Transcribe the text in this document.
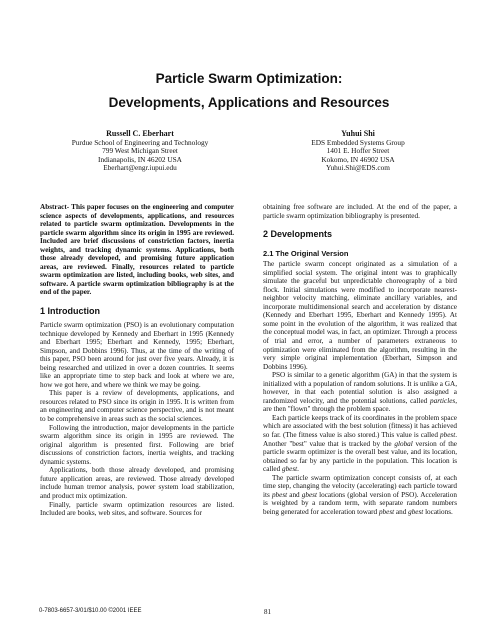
Particle Swarm Optimization:
Developments, Applications and Resources
Russell C. Eberhart
Purdue School of Engineering and Technology
799 West Michigan Street
Indianapolis, IN 46202 USA
Eberhart@engr.iupui.edu
Yuhui Shi
EDS Embedded Systems Group
1401 E. Hoffer Street
Kokomo, IN 46902 USA
Yuhui.Shi@EDS.com

Abstract- This paper focuses on the engineering and computer science aspects of developments, applications, and resources related to particle swarm optimization. Developments in the particle swarm algorithm since its origin in 1995 are reviewed. Included are brief discussions of constriction factors, inertia weights, and tracking dynamic systems. Applications, both those already developed, and promising future application areas, are reviewed. Finally, resources related to particle swarm optimization are listed, including books, web sites, and software. A particle swarm optimization bibliography is at the end of the paper.

1 Introduction

Particle swarm optimization (PSO) is an evolutionary computation technique developed by Kennedy and Eberhart in 1995 (Kennedy and Eberhart 1995; Eberhart and Kennedy, 1995; Eberhart, Simpson, and Dobbins 1996). Thus, at the time of the writing of this paper, PSO been around for just over five years. Already, it is being researched and utilized in over a dozen countries. It seems like an appropriate time to step back and look at where we are, how we got here, and where we think we may be going.

This paper is a review of developments, applications, and resources related to PSO since its origin in 1995. It is written from an engineering and computer science perspective, and is not meant to be comprehensive in areas such as the social sciences.

Following the introduction, major developments in the particle swarm algorithm since its origin in 1995 are reviewed. The original algorithm is presented first. Following are brief discussions of constriction factors, inertia weights, and tracking dynamic systems.

Applications, both those already developed, and promising future application areas, are reviewed. Those already developed include human tremor analysis, power system load stabilization, and product mix optimization.

Finally, particle swarm optimization resources are listed. Included are books, web sites, and software. Sources for

obtaining free software are included. At the end of the paper, a particle swarm optimization bibliography is presented.

2 Developments
2.1 The Original Version

The particle swarm concept originated as a simulation of a simplified social system. The original intent was to graphically simulate the graceful but unpredictable choreography of a bird flock. Initial simulations were modified to incorporate nearest-neighbor velocity matching, eliminate ancillary variables, and incorporate multidimensional search and acceleration by distance (Kennedy and Eberhart 1995, Eberhart and Kennedy 1995). At some point in the evolution of the algorithm, it was realized that the conceptual model was, in fact, an optimizer. Through a process of trial and error, a number of parameters extraneous to optimization were eliminated from the algorithm, resulting in the very simple original implementation (Eberhart, Simpson and Dobbins 1996).

PSO is similar to a genetic algorithm (GA) in that the system is initialized with a population of random solutions. It is unlike a GA, however, in that each potential solution is also assigned a randomized velocity, and the potential solutions, called particles, are then "flown" through the problem space.

Each particle keeps track of its coordinates in the problem space which are associated with the best solution (fitness) it has achieved so far. (The fitness value is also stored.) This value is called pbest. Another "best" value that is tracked by the global version of the particle swarm optimizer is the overall best value, and its location, obtained so far by any particle in the population. This location is called gbest.

The particle swarm optimization concept consists of, at each time step, changing the velocity (accelerating) each particle toward its pbest and gbest locations (global version of PSO). Acceleration is weighted by a random term, with separate random numbers being generated for acceleration toward pbest and gbest locations.

0-7803-6657-3/01/$10.00 ©2001 IEEE	81
